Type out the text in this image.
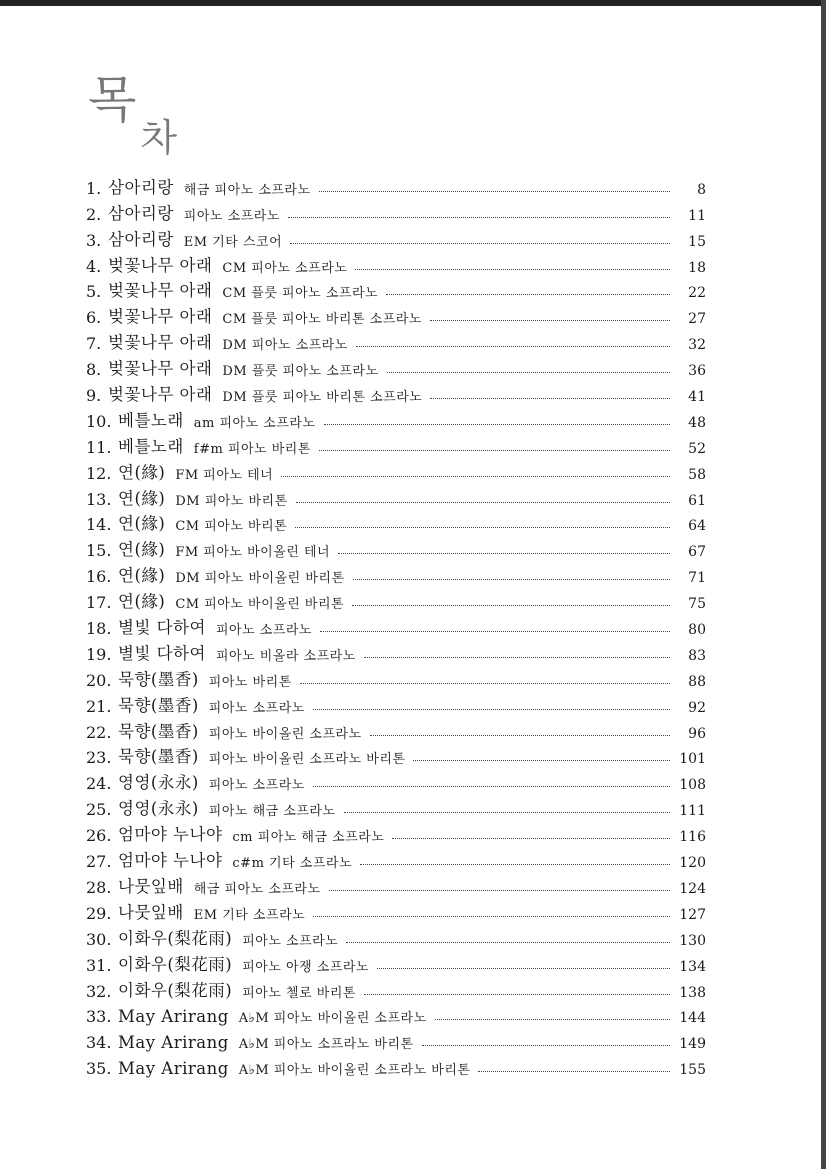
목차
1. 삼아리랑 해금 피아노 소프라노	8
2. 삼아리랑 피아노 소프라노	11
3. 삼아리랑 EM 기타 스코어	15
4. 벚꽃나무 아래 CM 피아노 소프라노	18
5. 벚꽃나무 아래 CM 플룻 피아노 소프라노	22
6. 벚꽃나무 아래 CM 플룻 피아노 바리톤 소프라노	27
7. 벚꽃나무 아래 DM 피아노 소프라노	32
8. 벚꽃나무 아래 DM 플룻 피아노 소프라노	36
9. 벚꽃나무 아래 DM 플룻 피아노 바리톤 소프라노	41
10. 베틀노래 am 피아노 소프라노	48
11. 베틀노래 f#m 피아노 바리톤	52
12. 연(緣) FM 피아노 테너	58
13. 연(緣) DM 피아노 바리톤	61
14. 연(緣) CM 피아노 바리톤	64
15. 연(緣) FM 피아노 바이올린 테너	67
16. 연(緣) DM 피아노 바이올린 바리톤	71
17. 연(緣) CM 피아노 바이올린 바리톤	75
18. 별빛 다하여 피아노 소프라노	80
19. 별빛 다하여 피아노 비올라 소프라노	83
20. 묵향(墨香) 피아노 바리톤	88
21. 묵향(墨香) 피아노 소프라노	92
22. 묵향(墨香) 피아노 바이올린 소프라노	96
23. 묵향(墨香) 피아노 바이올린 소프라노 바리톤	101
24. 영영(永永) 피아노 소프라노	108
25. 영영(永永) 피아노 해금 소프라노	111
26. 엄마야 누나야 cm 피아노 해금 소프라노	116
27. 엄마야 누나야 c#m 기타 소프라노	120
28. 나뭇잎배 해금 피아노 소프라노	124
29. 나뭇잎배 EM 기타 소프라노	127
30. 이화우(梨花雨) 피아노 소프라노	130
31. 이화우(梨花雨) 피아노 아쟁 소프라노	134
32. 이화우(梨花雨) 피아노 첼로 바리톤	138
33. May Arirang A♭M 피아노 바이올린 소프라노	144
34. May Arirang A♭M 피아노 소프라노 바리톤	149
35. May Arirang A♭M 피아노 바이올린 소프라노 바리톤	155
